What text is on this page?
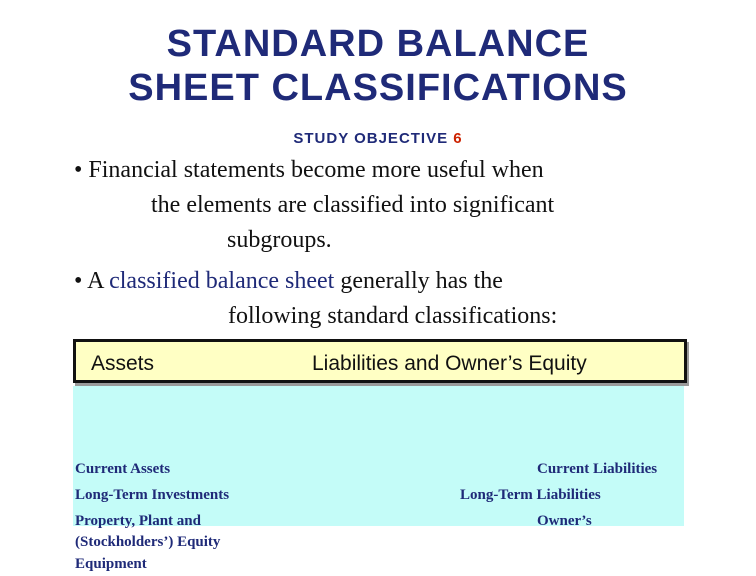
STANDARD BALANCE
SHEET CLASSIFICATIONS
STUDY OBJECTIVE 6
• Financial statements become more useful when
the elements are classified into significant
subgroups.
• A classified balance sheet generally has the
following standard classifications:
Assets	Liabilities and Owner’s Equity
Current Assets
Long-Term Investments
Property, Plant and
(Stockholders’) Equity
Equipment
Current Liabilities
Long-Term Liabilities
Owner’s
